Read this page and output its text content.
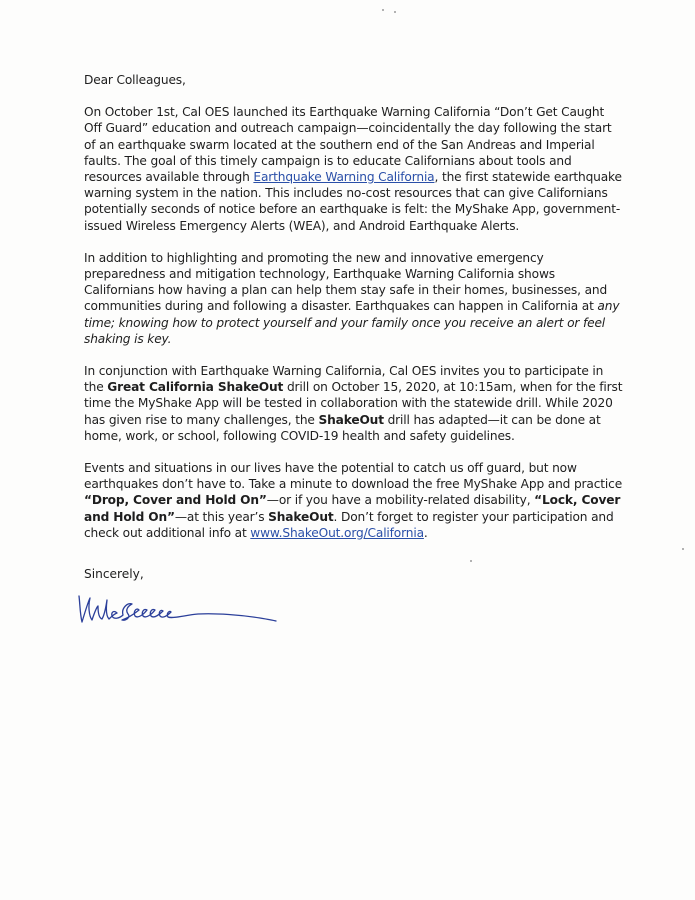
Dear Colleagues,

On October 1st, Cal OES launched its Earthquake Warning California “Don’t Get Caught Off Guard” education and outreach campaign—coincidentally the day following the start of an earthquake swarm located at the southern end of the San Andreas and Imperial faults. The goal of this timely campaign is to educate Californians about tools and resources available through Earthquake Warning California, the first statewide earthquake warning system in the nation. This includes no-cost resources that can give Californians potentially seconds of notice before an earthquake is felt: the MyShake App, government-issued Wireless Emergency Alerts (WEA), and Android Earthquake Alerts.

In addition to highlighting and promoting the new and innovative emergency preparedness and mitigation technology, Earthquake Warning California shows Californians how having a plan can help them stay safe in their homes, businesses, and communities during and following a disaster. Earthquakes can happen in California at any time; knowing how to protect yourself and your family once you receive an alert or feel shaking is key.

In conjunction with Earthquake Warning California, Cal OES invites you to participate in the Great California ShakeOut drill on October 15, 2020, at 10:15am, when for the first time the MyShake App will be tested in collaboration with the statewide drill. While 2020 has given rise to many challenges, the ShakeOut drill has adapted—it can be done at home, work, or school, following COVID-19 health and safety guidelines.

Events and situations in our lives have the potential to catch us off guard, but now earthquakes don’t have to. Take a minute to download the free MyShake App and practice “Drop, Cover and Hold On”—or if you have a mobility-related disability, “Lock, Cover and Hold On”—at this year’s ShakeOut. Don’t forget to register your participation and check out additional info at www.ShakeOut.org/California.

Sincerely,
